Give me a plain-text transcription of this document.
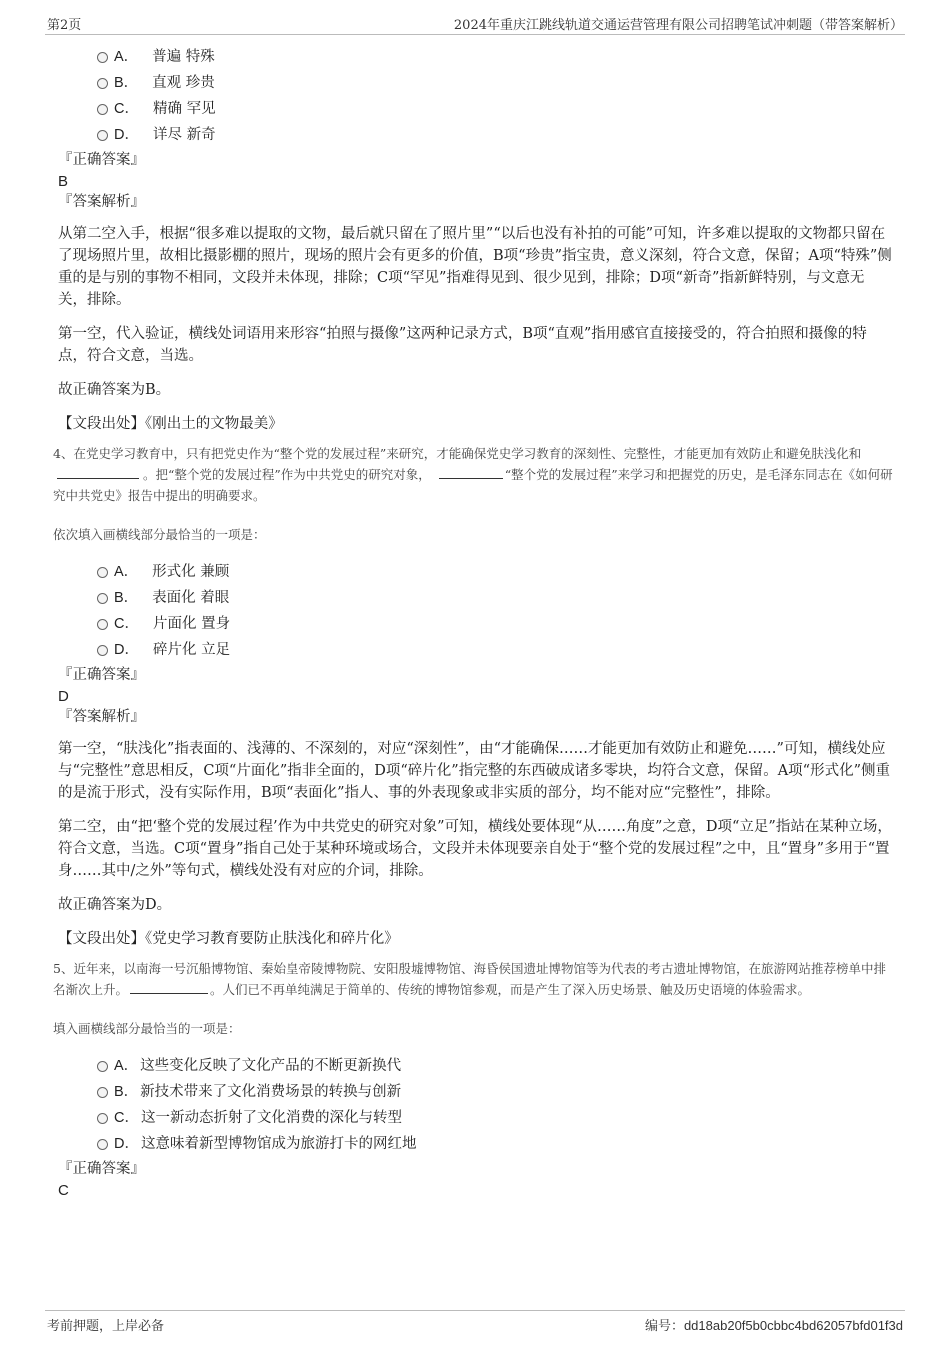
第2页	2024年重庆江跳线轨道交通运营管理有限公司招聘笔试冲刺题（带答案解析）
A． 普遍 特殊
B． 直观 珍贵
C． 精确 罕见
D． 详尽 新奇
『正确答案』
B
『答案解析』

从第二空入手，根据“很多难以提取的文物，最后就只留在了照片里”“以后也没有补拍的可能”可知，许多难以提取的文物都只留在了现场照片里，故相比摄影棚的照片，现场的照片会有更多的价值，B项“珍贵”指宝贵，意义深刻，符合文意，保留；A项“特殊”侧重的是与别的事物不相同，文段并未体现，排除；C项“罕见”指难得见到、很少见到，排除；D项“新奇”指新鲜特别，与文意无关，排除。

第一空，代入验证，横线处词语用来形容“拍照与摄像”这两种记录方式，B项“直观”指用感官直接接受的，符合拍照和摄像的特点，符合文意，当选。

故正确答案为B。

【文段出处】《刚出土的文物最美》

4、在党史学习教育中，只有把党史作为“整个党的发展过程”来研究，才能确保党史学习教育的深刻性、完整性，才能更加有效防止和避免肤浅化和。把“整个党的发展过程”作为中共党史的研究对象，	“整个党的发展过程”来学习和把握党的历史，是毛泽东同志在《如何研究中共党史》报告中提出的明确要求。
依次填入画横线部分最恰当的一项是：
A． 形式化 兼顾
B． 表面化 着眼
C． 片面化 置身
D． 碎片化 立足
『正确答案』
D
『答案解析』

第一空，“肤浅化”指表面的、浅薄的、不深刻的，对应“深刻性”，由“才能确保……才能更加有效防止和避免……”可知，横线处应与“完整性”意思相反，C项“片面化”指非全面的，D项“碎片化”指完整的东西破成诸多零块，均符合文意，保留。A项“形式化”侧重的是流于形式，没有实际作用，B项“表面化”指人、事的外表现象或非实质的部分，均不能对应“完整性”，排除。

第二空，由“把‘整个党的发展过程’作为中共党史的研究对象”可知，横线处要体现“从……角度”之意，D项“立足”指站在某种立场，符合文意，当选。C项“置身”指自己处于某种环境或场合，文段并未体现要亲自处于“整个党的发展过程”之中，且“置身”多用于“置身……其中/之外”等句式，横线处没有对应的介词，排除。

故正确答案为D。

【文段出处】《党史学习教育要防止肤浅化和碎片化》

5、近年来，以南海一号沉船博物馆、秦始皇帝陵博物院、安阳殷墟博物馆、海昏侯国遗址博物馆等为代表的考古遗址博物馆，在旅游网站推荐榜单中排名渐次上升。	。人们已不再单纯满足于简单的、传统的博物馆参观，而是产生了深入历史场景、触及历史语境的体验需求。
填入画横线部分最恰当的一项是：
A． 这些变化反映了文化产品的不断更新换代
B． 新技术带来了文化消费场景的转换与创新
C． 这一新动态折射了文化消费的深化与转型
D． 这意味着新型博物馆成为旅游打卡的网红地
『正确答案』
C
考前押题，上岸必备	编号：dd18ab20f5b0cbbc4bd62057bfd01f3d
